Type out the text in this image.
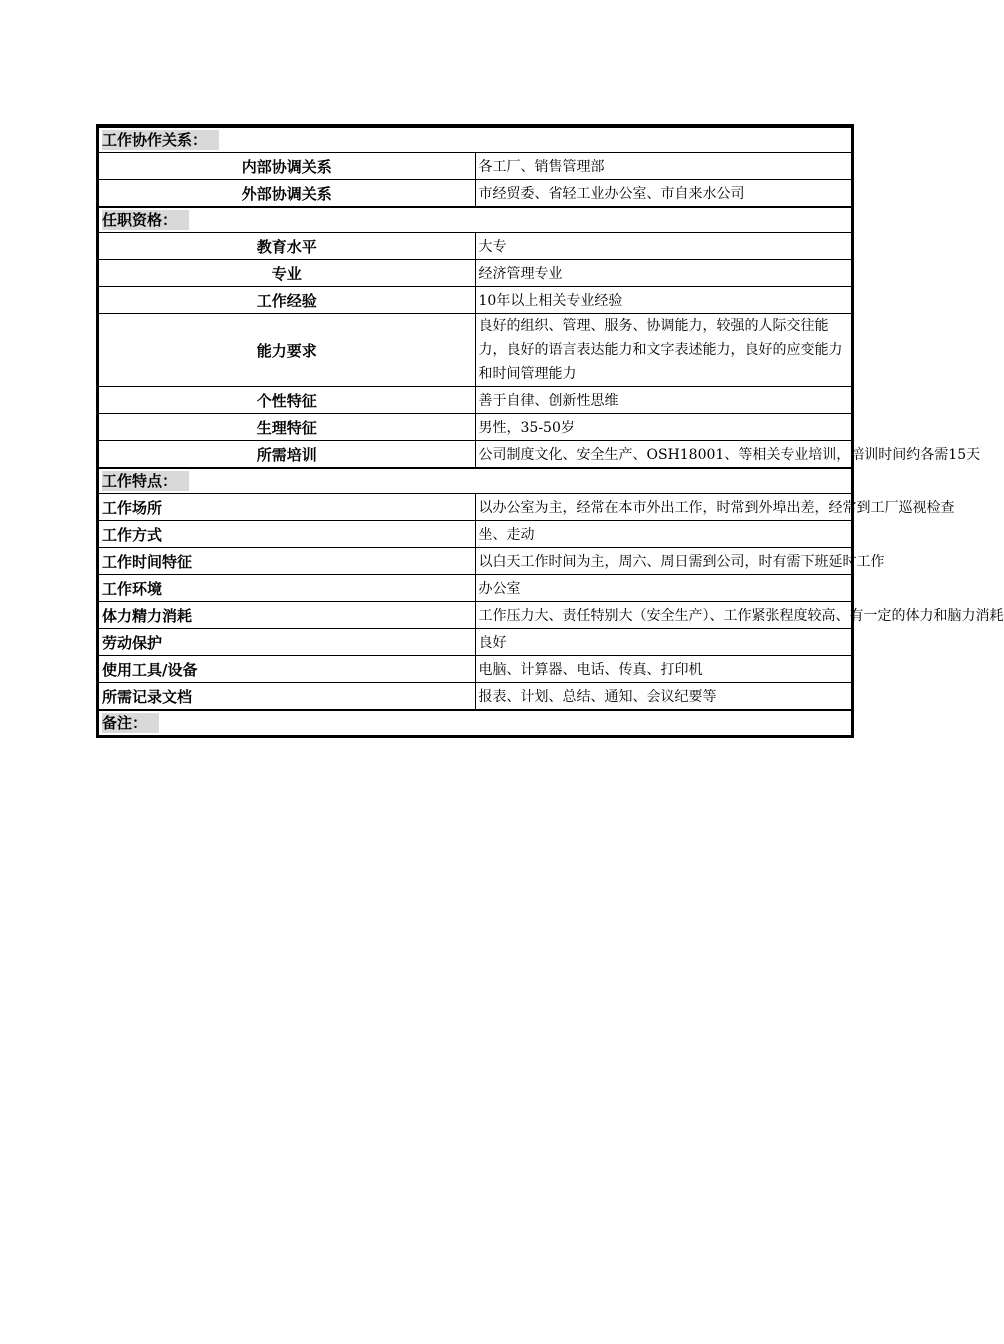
工作协作关系：	
内部协调关系	各工厂、销售管理部
外部协调关系	市经贸委、省轻工业办公室、市自来水公司
任职资格：	
教育水平	大专
专业	经济管理专业
工作经验	10年以上相关专业经验
能力要求	良好的组织、管理、服务、协调能力，较强的人际交往能力，良好的语言表达能力和文字表述能力，良好的应变能力和时间管理能力
个性特征	善于自律、创新性思维
生理特征	男性，35-50岁
所需培训	公司制度文化、安全生产、OSH18001、等相关专业培训，培训时间约各需15天
工作特点：	
工作场所	以办公室为主，经常在本市外出工作，时常到外埠出差，经常到工厂巡视检查
工作方式	坐、走动
工作时间特征	以白天工作时间为主，周六、周日需到公司，时有需下班延时工作
工作环境	办公室
体力精力消耗	工作压力大、责任特别大（安全生产）、工作紧张程度较高、有一定的体力和脑力消耗
劳动保护	良好
使用工具/设备	电脑、计算器、电话、传真、打印机
所需记录文档	报表、计划、总结、通知、会议纪要等
备注：	
